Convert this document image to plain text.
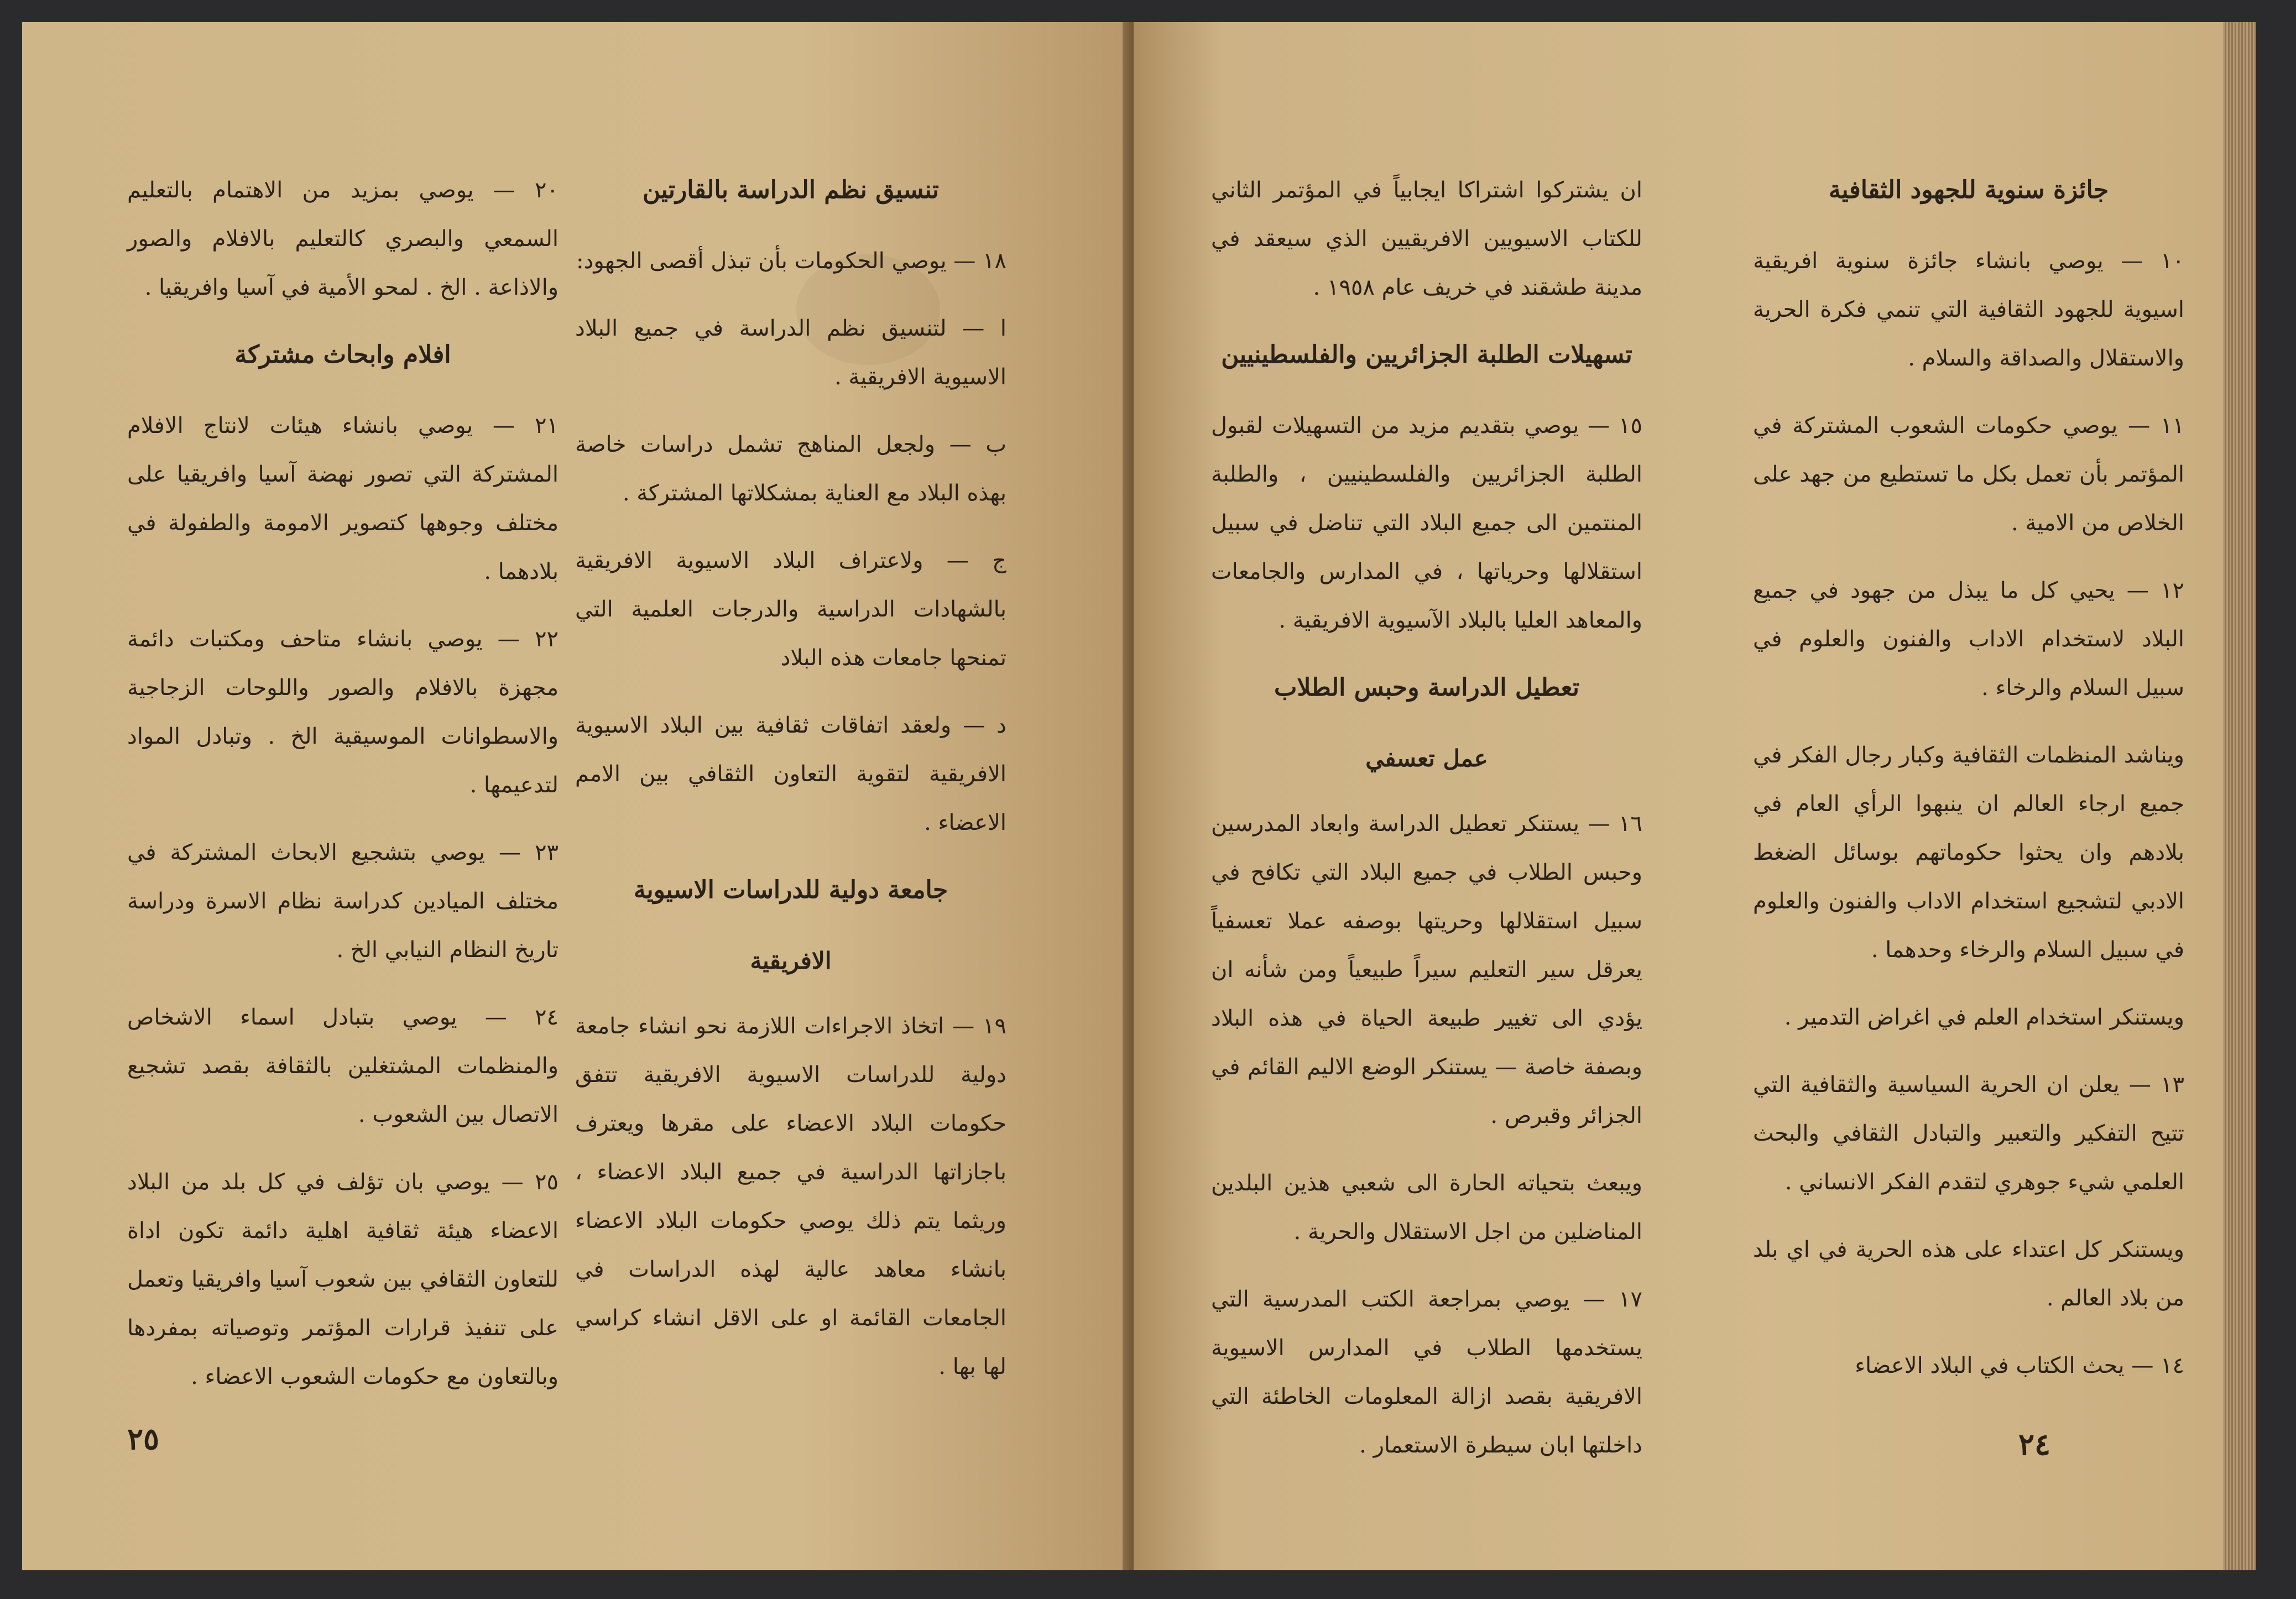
تنسيق نظم الدراسة بالقارتين

١٨ — يوصي الحكومات بأن تبذل أقصى الجهود:

ا — لتنسيق نظم الدراسة في جميع البلاد الاسيوية الافريقية .

ب — ولجعل المناهج تشمل دراسات خاصة بهذه البلاد مع العناية بمشكلاتها المشتركة .

ج — ولاعتراف البلاد الاسيوية الافريقية بالشهادات الدراسية والدرجات العلمية التي تمنحها جامعات هذه البلاد

د — ولعقد اتفاقات ثقافية بين البلاد الاسيوية الافريقية لتقوية التعاون الثقافي بين الامم الاعضاء .

جامعة دولية للدراسات الاسيوية
الافريقية

١٩ — اتخاذ الاجراءات اللازمة نحو انشاء جامعة دولية للدراسات الاسيوية الافريقية تتفق حكومات البلاد الاعضاء على مقرها ويعترف باجازاتها الدراسية في جميع البلاد الاعضاء ، وريثما يتم ذلك يوصي حكومات البلاد الاعضاء بانشاء معاهد عالية لهذه الدراسات في الجامعات القائمة او على الاقل انشاء كراسي لها بها .

٢٠ — يوصي بمزيد من الاهتمام بالتعليم السمعي والبصري كالتعليم بالافلام والصور والاذاعة . الخ . لمحو الأمية في آسيا وافريقيا .

افلام وابحاث مشتركة

٢١ — يوصي بانشاء هيئات لانتاج الافلام المشتركة التي تصور نهضة آسيا وافريقيا على مختلف وجوهها كتصوير الامومة والطفولة في بلادهما .

٢٢ — يوصي بانشاء متاحف ومكتبات دائمة مجهزة بالافلام والصور واللوحات الزجاجية والاسطوانات الموسيقية الخ . وتبادل المواد لتدعيمها .

٢٣ — يوصي بتشجيع الابحاث المشتركة في مختلف الميادين كدراسة نظام الاسرة ودراسة تاريخ النظام النيابي الخ .

٢٤ — يوصي بتبادل اسماء الاشخاص والمنظمات المشتغلين بالثقافة بقصد تشجيع الاتصال بين الشعوب .

٢٥ — يوصي بان تؤلف في كل بلد من البلاد الاعضاء هيئة ثقافية اهلية دائمة تكون اداة للتعاون الثقافي بين شعوب آسيا وافريقيا وتعمل على تنفيذ قرارات المؤتمر وتوصياته بمفردها وبالتعاون مع حكومات الشعوب الاعضاء .

٢٥
جائزة سنوية للجهود الثقافية

١٠ — يوصي بانشاء جائزة سنوية افريقية اسيوية للجهود الثقافية التي تنمي فكرة الحرية والاستقلال والصداقة والسلام .

١١ — يوصي حكومات الشعوب المشتركة في المؤتمر بأن تعمل بكل ما تستطيع من جهد على الخلاص من الامية .

١٢ — يحيي كل ما يبذل من جهود في جميع البلاد لاستخدام الاداب والفنون والعلوم في سبيل السلام والرخاء .

ويناشد المنظمات الثقافية وكبار رجال الفكر في جميع ارجاء العالم ان ينبهوا الرأي العام في بلادهم وان يحثوا حكوماتهم بوسائل الضغط الادبي لتشجيع استخدام الاداب والفنون والعلوم في سبيل السلام والرخاء وحدهما .

ويستنكر استخدام العلم في اغراض التدمير .

١٣ — يعلن ان الحرية السياسية والثقافية التي تتيح التفكير والتعبير والتبادل الثقافي والبحث العلمي شيء جوهري لتقدم الفكر الانساني .

ويستنكر كل اعتداء على هذه الحرية في اي بلد من بلاد العالم .

١٤ — يحث الكتاب في البلاد الاعضاء

ان يشتركوا اشتراكا ايجابياً في المؤتمر الثاني للكتاب الاسيويين الافريقيين الذي سيعقد في مدينة طشقند في خريف عام ١٩٥٨ .

تسهيلات الطلبة الجزائريين والفلسطينيين

١٥ — يوصي بتقديم مزيد من التسهيلات لقبول الطلبة الجزائريين والفلسطينيين ، والطلبة المنتمين الى جميع البلاد التي تناضل في سبيل استقلالها وحرياتها ، في المدارس والجامعات والمعاهد العليا بالبلاد الآسيوية الافريقية .

تعطيل الدراسة وحبس الطلاب
عمل تعسفي

١٦ — يستنكر تعطيل الدراسة وابعاد المدرسين وحبس الطلاب في جميع البلاد التي تكافح في سبيل استقلالها وحريتها بوصفه عملا تعسفياً يعرقل سير التعليم سيراً طبيعياً ومن شأنه ان يؤدي الى تغيير طبيعة الحياة في هذه البلاد وبصفة خاصة — يستنكر الوضع الاليم القائم في الجزائر وقبرص .

ويبعث بتحياته الحارة الى شعبي هذين البلدين المناضلين من اجل الاستقلال والحرية .

١٧ — يوصي بمراجعة الكتب المدرسية التي يستخدمها الطلاب في المدارس الاسيوية الافريقية بقصد ازالة المعلومات الخاطئة التي داخلتها ابان سيطرة الاستعمار .	٢٤
